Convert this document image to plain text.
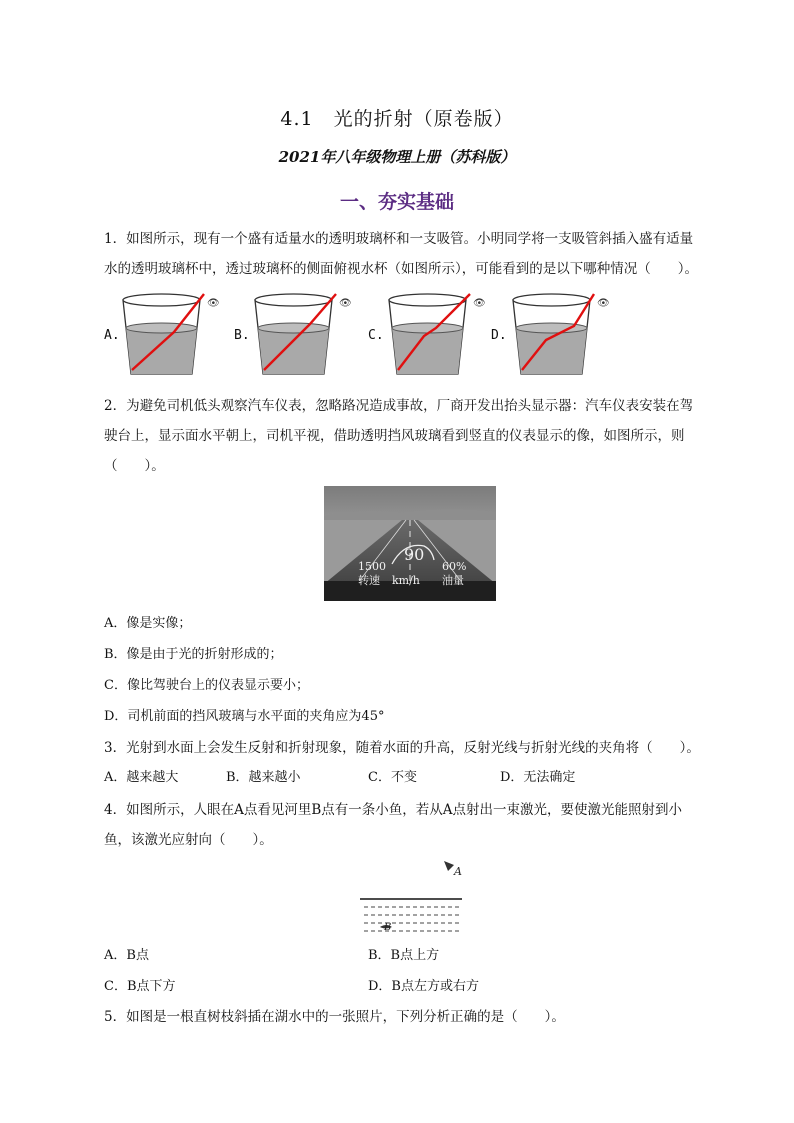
4.1　光的折射（原卷版）
2021年八年级物理上册（苏科版）
一、夯实基础
1．如图所示，现有一个盛有适量水的透明玻璃杯和一支吸管。小明同学将一支吸管斜插入盛有适量
水的透明玻璃杯中，透过玻璃杯的侧面俯视水杯（如图所示），可能看到的是以下哪种情况（　　）。
A.	B.	C.	D.
👁	👁	👁	👁
2．为避免司机低头观察汽车仪表，忽略路况造成事故，厂商开发出抬头显示器：汽车仪表安装在驾
驶台上，显示面水平朝上，司机平视，借助透明挡风玻璃看到竖直的仪表显示的像，如图所示，则
（　　）。
90
1500	60%
转速 km/h 油量
A．像是实像；
B．像是由于光的折射形成的；
C．像比驾驶台上的仪表显示要小；
D．司机前面的挡风玻璃与水平面的夹角应为45°
3．光射到水面上会发生反射和折射现象，随着水面的升高，反射光线与折射光线的夹角将（　　）。
A．越来越大	B．越来越小	C．不变	D．无法确定
4．如图所示，人眼在A点看见河里B点有一条小鱼，若从A点射出一束激光，要使激光能照射到小
鱼，该激光应射向（　　）。
A
B
A．B点	B．B点上方
C．B点下方	D．B点左方或右方
5．如图是一根直树枝斜插在湖水中的一张照片，下列分析正确的是（　　）。
